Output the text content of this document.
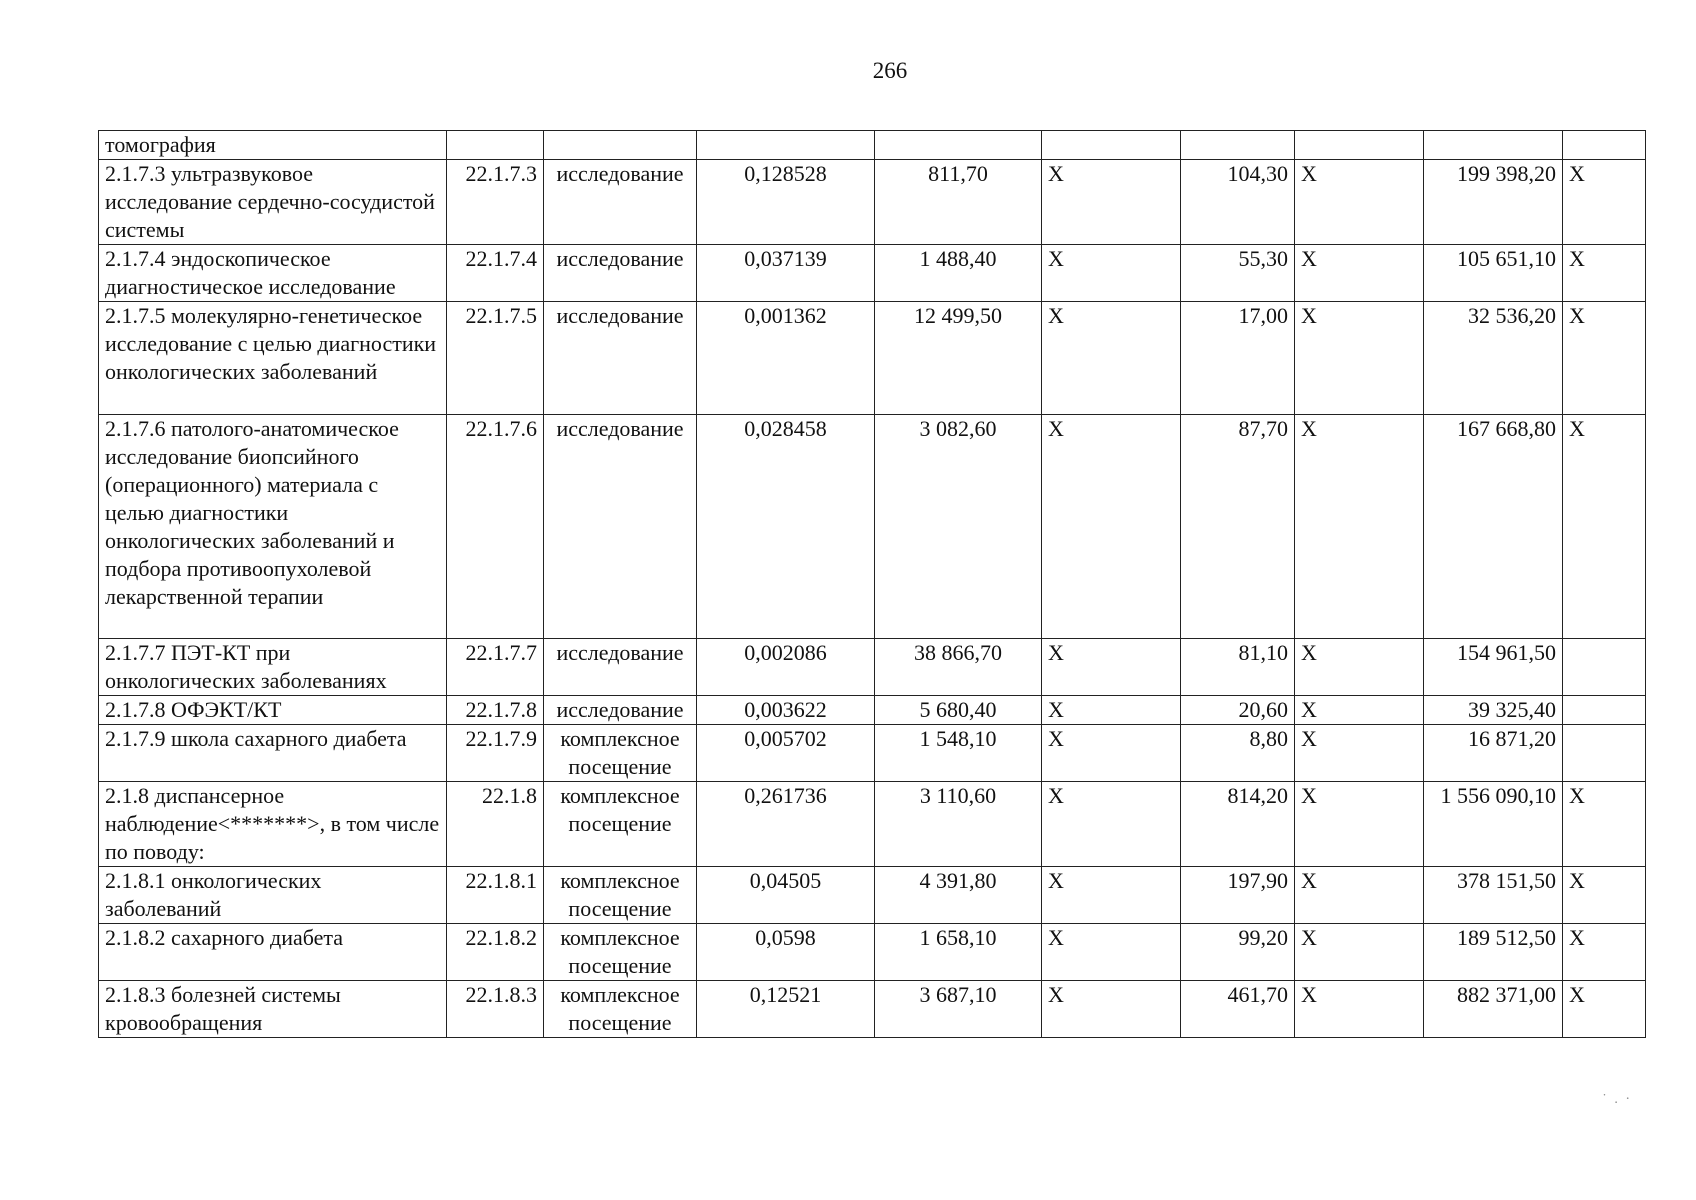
266
томография									
2.1.7.3 ультразвуковое исследование сердечно-сосудистой системы	22.1.7.3	исследование	0,128528	811,70	X	104,30	X	199 398,20	X
2.1.7.4 эндоскопическое диагностическое исследование	22.1.7.4	исследование	0,037139	1 488,40	X	55,30	X	105 651,10	X
2.1.7.5 молекулярно-генетическое исследование с целью диагностики онкологических заболеваний	22.1.7.5	исследование	0,001362	12 499,50	X	17,00	X	32 536,20	X
2.1.7.6 патолого-анатомическое исследование биопсийного (операционного) материала с целью диагностики онкологических заболеваний и подбора противоопухолевой лекарственной терапии	22.1.7.6	исследование	0,028458	3 082,60	X	87,70	X	167 668,80	X
2.1.7.7 ПЭТ-КТ при онкологических заболеваниях	22.1.7.7	исследование	0,002086	38 866,70	X	81,10	X	154 961,50	
2.1.7.8 ОФЭКТ/КТ	22.1.7.8	исследование	0,003622	5 680,40	X	20,60	X	39 325,40	
2.1.7.9 школа сахарного диабета	22.1.7.9	комплексное посещение	0,005702	1 548,10	X	8,80	X	16 871,20	
2.1.8 диспансерное наблюдение<*******>, в том числе по поводу:	22.1.8	комплексное посещение	0,261736	3 110,60	X	814,20	X	1 556 090,10	X
2.1.8.1 онкологических заболеваний	22.1.8.1	комплексное посещение	0,04505	4 391,80	X	197,90	X	378 151,50	X
2.1.8.2 сахарного диабета	22.1.8.2	комплексное посещение	0,0598	1 658,10	X	99,20	X	189 512,50	X
2.1.8.3 болезней системы кровообращения	22.1.8.3	комплексное посещение	0,12521	3 687,10	X	461,70	X	882 371,00	X
˙ . ·
